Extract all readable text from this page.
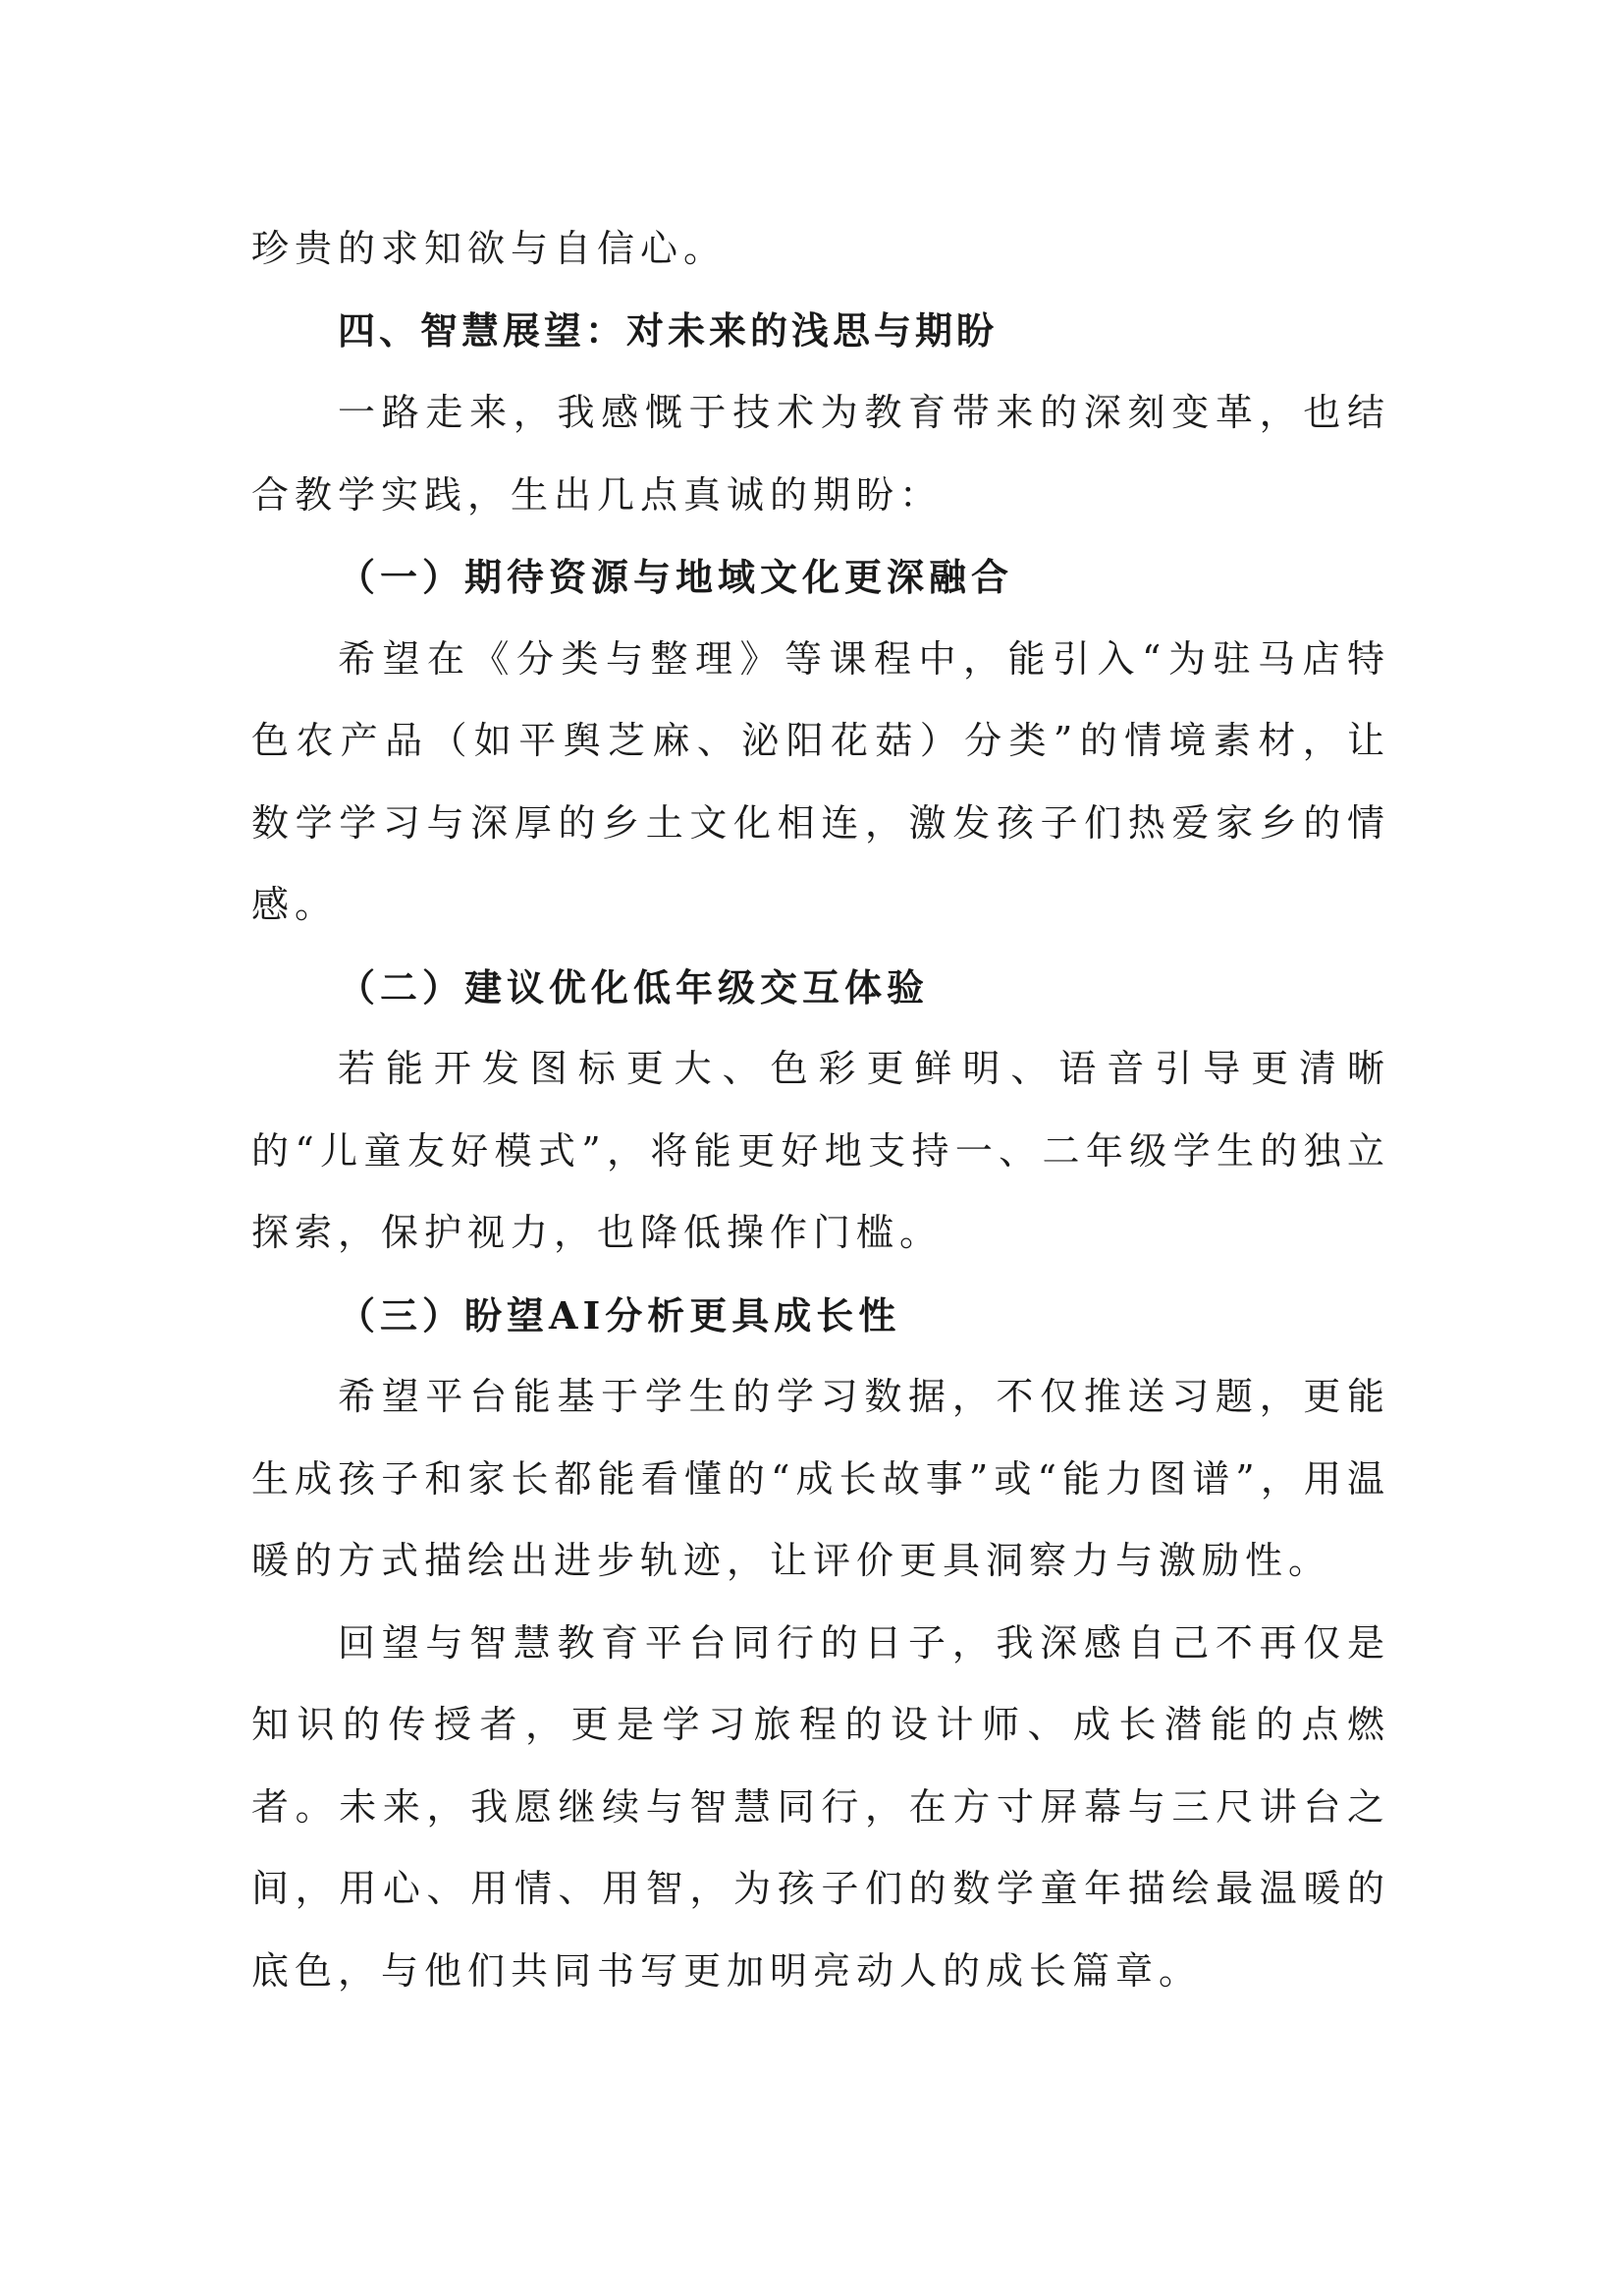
珍贵的求知欲与自信心。

四、智慧展望：对未来的浅思与期盼

一路走来，我感慨于技术为教育带来的深刻变革，也结合教学实践，生出几点真诚的期盼：

（一）期待资源与地域文化更深融合

希望在《分类与整理》等课程中，能引入“为驻马店特色农产品（如平舆芝麻、泌阳花菇）分类”的情境素材，让数学学习与深厚的乡土文化相连，激发孩子们热爱家乡的情感。

（二）建议优化低年级交互体验

若能开发图标更大、色彩更鲜明、语音引导更清晰的“儿童友好模式”，将能更好地支持一、二年级学生的独立探索，保护视力，也降低操作门槛。

（三）盼望AI分析更具成长性

希望平台能基于学生的学习数据，不仅推送习题，更能生成孩子和家长都能看懂的“成长故事”或“能力图谱”，用温暖的方式描绘出进步轨迹，让评价更具洞察力与激励性。

回望与智慧教育平台同行的日子，我深感自己不再仅是知识的传授者，更是学习旅程的设计师、成长潜能的点燃者。未来，我愿继续与智慧同行，在方寸屏幕与三尺讲台之间，用心、用情、用智，为孩子们的数学童年描绘最温暖的底色，与他们共同书写更加明亮动人的成长篇章。
